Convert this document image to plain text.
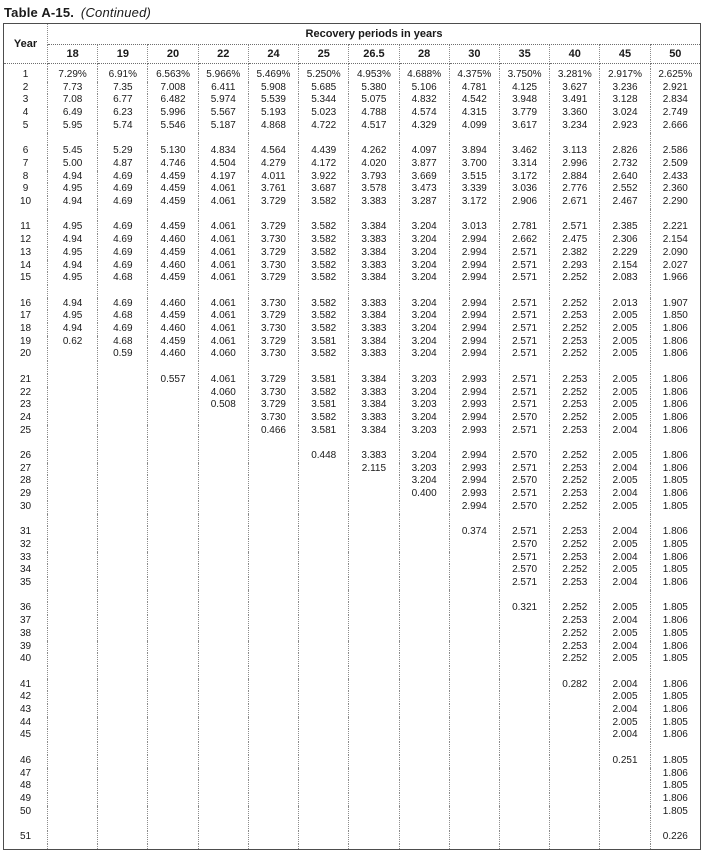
Table A-15. (Continued)
Year	Recovery periods in years												
	18	19	20	22	24	25	26.5	28	30	35	40	45	50

1	7.29%	6.91%	6.563%	5.966%	5.469%	5.250%	4.953%	4.688%	4.375%	3.750%	3.281%	2.917%	2.625%
2	7.73	7.35	7.008	6.411	5.908	5.685	5.380	5.106	4.781	4.125	3.627	3.236	2.921
3	7.08	6.77	6.482	5.974	5.539	5.344	5.075	4.832	4.542	3.948	3.491	3.128	2.834
4	6.49	6.23	5.996	5.567	5.193	5.023	4.788	4.574	4.315	3.779	3.360	3.024	2.749
5	5.95	5.74	5.546	5.187	4.868	4.722	4.517	4.329	4.099	3.617	3.234	2.923	2.666

6	5.45	5.29	5.130	4.834	4.564	4.439	4.262	4.097	3.894	3.462	3.113	2.826	2.586
7	5.00	4.87	4.746	4.504	4.279	4.172	4.020	3.877	3.700	3.314	2.996	2.732	2.509
8	4.94	4.69	4.459	4.197	4.011	3.922	3.793	3.669	3.515	3.172	2.884	2.640	2.433
9	4.95	4.69	4.459	4.061	3.761	3.687	3.578	3.473	3.339	3.036	2.776	2.552	2.360
10	4.94	4.69	4.459	4.061	3.729	3.582	3.383	3.287	3.172	2.906	2.671	2.467	2.290

11	4.95	4.69	4.459	4.061	3.729	3.582	3.384	3.204	3.013	2.781	2.571	2.385	2.221
12	4.94	4.69	4.460	4.061	3.730	3.582	3.383	3.204	2.994	2.662	2.475	2.306	2.154
13	4.95	4.69	4.459	4.061	3.729	3.582	3.384	3.204	2.994	2.571	2.382	2.229	2.090
14	4.94	4.69	4.460	4.061	3.730	3.582	3.383	3.204	2.994	2.571	2.293	2.154	2.027
15	4.95	4.68	4.459	4.061	3.729	3.582	3.384	3.204	2.994	2.571	2.252	2.083	1.966

16	4.94	4.69	4.460	4.061	3.730	3.582	3.383	3.204	2.994	2.571	2.252	2.013	1.907
17	4.95	4.68	4.459	4.061	3.729	3.582	3.384	3.204	2.994	2.571	2.253	2.005	1.850
18	4.94	4.69	4.460	4.061	3.730	3.582	3.383	3.204	2.994	2.571	2.252	2.005	1.806
19	0.62	4.68	4.459	4.061	3.729	3.581	3.384	3.204	2.994	2.571	2.253	2.005	1.806
20		0.59	4.460	4.060	3.730	3.582	3.383	3.204	2.994	2.571	2.252	2.005	1.806

21			0.557	4.061	3.729	3.581	3.384	3.203	2.993	2.571	2.253	2.005	1.806
22				4.060	3.730	3.582	3.383	3.204	2.994	2.571	2.252	2.005	1.806
23				0.508	3.729	3.581	3.384	3.203	2.993	2.571	2.253	2.005	1.806
24					3.730	3.582	3.383	3.204	2.994	2.570	2.252	2.005	1.806
25					0.466	3.581	3.384	3.203	2.993	2.571	2.253	2.004	1.806

26						0.448	3.383	3.204	2.994	2.570	2.252	2.005	1.806
27							2.115	3.203	2.993	2.571	2.253	2.004	1.806
28								3.204	2.994	2.570	2.252	2.005	1.805
29								0.400	2.993	2.571	2.253	2.004	1.806
30									2.994	2.570	2.252	2.005	1.805

31									0.374	2.571	2.253	2.004	1.806
32										2.570	2.252	2.005	1.805
33										2.571	2.253	2.004	1.806
34										2.570	2.252	2.005	1.805
35										2.571	2.253	2.004	1.806

36										0.321	2.252	2.005	1.805
37											2.253	2.004	1.806
38											2.252	2.005	1.805
39											2.253	2.004	1.806
40											2.252	2.005	1.805

41											0.282	2.004	1.806
42												2.005	1.805
43												2.004	1.806
44												2.005	1.805
45												2.004	1.806

46												0.251	1.805
47													1.806
48													1.805
49													1.806
50													1.805

51													0.226
